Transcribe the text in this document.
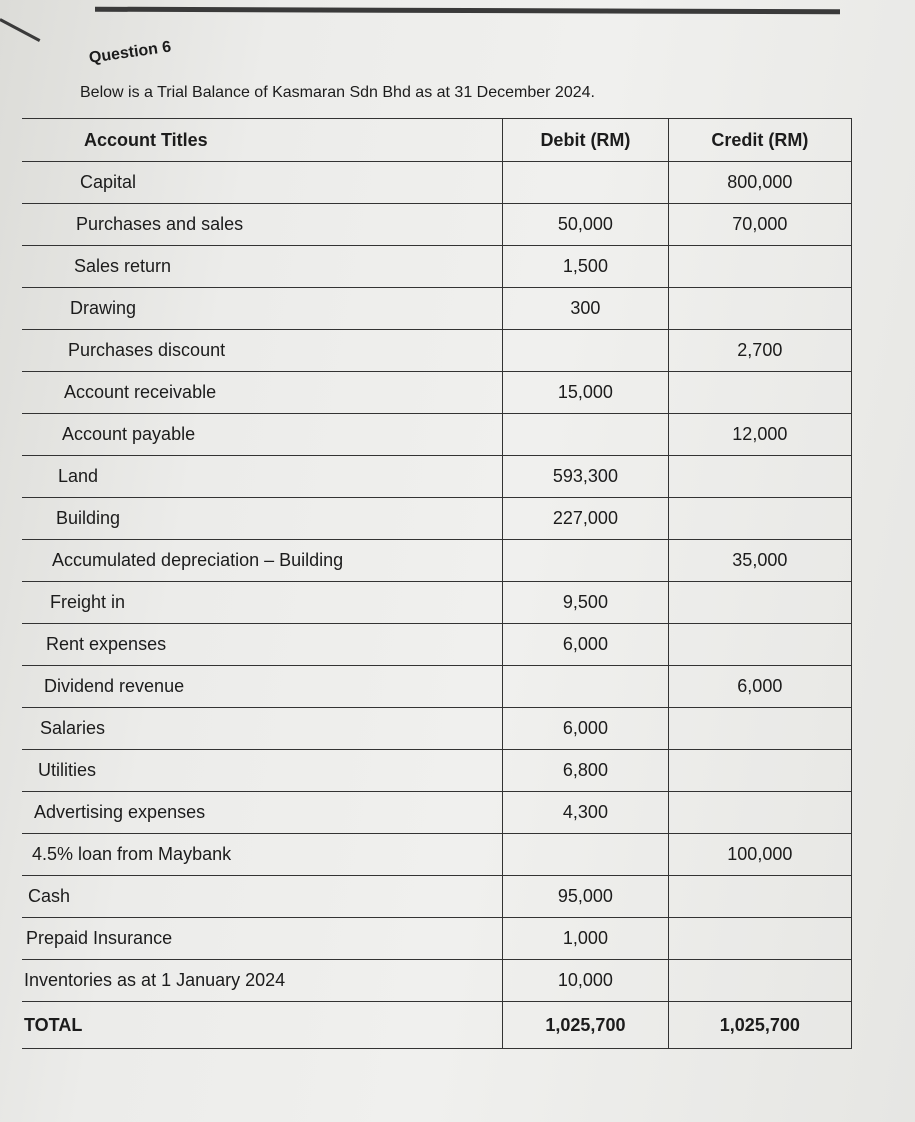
Question 6
Below is a Trial Balance of Kasmaran Sdn Bhd as at 31 December 2024.
Account Titles	Debit (RM)	Credit (RM)
Capital		800,000
Purchases and sales	50,000	70,000
Sales return	1,500	
Drawing	300	
Purchases discount		2,700
Account receivable	15,000	
Account payable		12,000
Land	593,300	
Building	227,000	
Accumulated depreciation – Building		35,000
Freight in	9,500	
Rent expenses	6,000	
Dividend revenue		6,000
Salaries	6,000	
Utilities	6,800	
Advertising expenses	4,300	
4.5% loan from Maybank		100,000
Cash	95,000	
Prepaid Insurance	1,000	
Inventories as at 1 January 2024	10,000	
TOTAL	1,025,700	1,025,700
